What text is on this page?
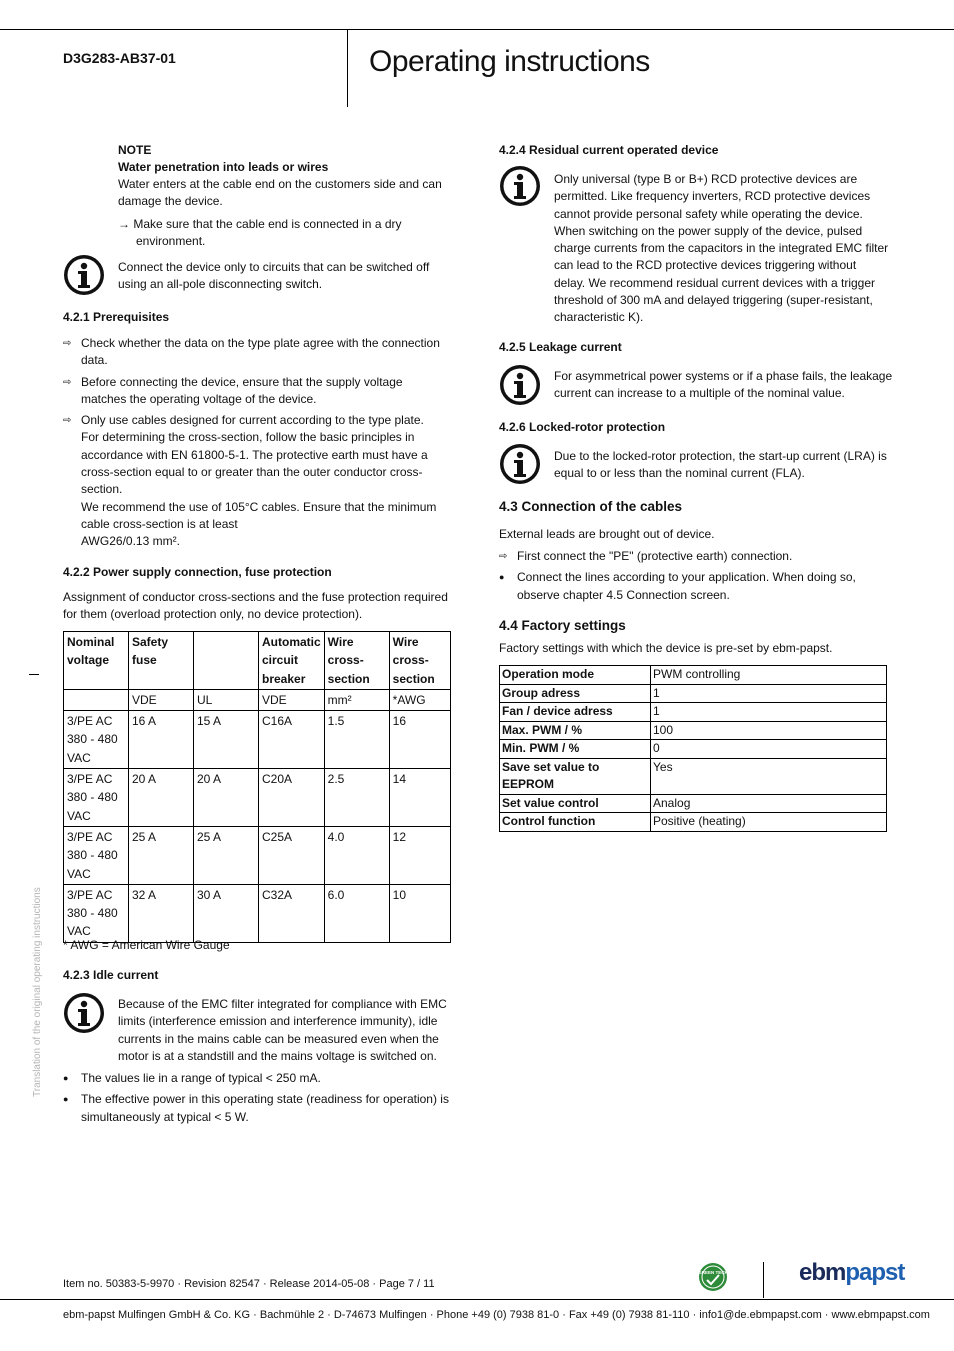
D3G283-AB37-01	Operating instructions

NOTE

Water penetration into leads or wires

Water enters at the cable end on the customers side and can damage the device.

→ Make sure that the cable end is connected in a dry environment.

Connect the device only to circuits that can be switched off using an all-pole disconnecting switch.
4.2.1 Prerequisites
⇨ Check whether the data on the type plate agree with the connection data.
⇨ Before connecting the device, ensure that the supply voltage matches the operating voltage of the device.
⇨ Only use cables designed for current according to the type plate.
For determining the cross-section, follow the basic principles in accordance with EN 61800-5-1. The protective earth must have a cross-section equal to or greater than the outer conductor cross-section.
We recommend the use of 105°C cables. Ensure that the minimum cable cross-section is at least
AWG26/0.13 mm².
4.2.2 Power supply connection, fuse protection
Assignment of conductor cross-sections and the fuse protection required for them (overload protection only, no device protection).
Nominal voltage	Safety fuse		Automatic circuit breaker	Wire cross-section	Wire cross-section
	VDE	UL	VDE	mm²	*AWG
3/PE AC 380 - 480 VAC	16 A	15 A	C16A	1.5	16
3/PE AC 380 - 480 VAC	20 A	20 A	C20A	2.5	14
3/PE AC 380 - 480 VAC	25 A	25 A	C25A	4.0	12
3/PE AC 380 - 480 VAC	32 A	30 A	C32A	6.0	10
* AWG = American Wire Gauge
4.2.3 Idle current
Because of the EMC filter integrated for compliance with EMC limits (interference emission and interference immunity), idle currents in the mains cable can be measured even when the motor is at a standstill and the mains voltage is switched on.
● The values lie in a range of typical < 250 mA.
● The effective power in this operating state (readiness for operation) is simultaneously at typical < 5 W.
4.2.4 Residual current operated device
Only universal (type B or B+) RCD protective devices are permitted. Like frequency inverters, RCD protective devices cannot provide personal safety while operating the device. When switching on the power supply of the device, pulsed charge currents from the capacitors in the integrated EMC filter can lead to the RCD protective devices triggering without delay. We recommend residual current devices with a trigger threshold of 300 mA and delayed triggering (super-resistant, characteristic K).
4.2.5 Leakage current
For asymmetrical power systems or if a phase fails, the leakage current can increase to a multiple of the nominal value.
4.2.6 Locked-rotor protection
Due to the locked-rotor protection, the start-up current (LRA) is equal to or less than the nominal current (FLA).
4.3 Connection of the cables
External leads are brought out of device.
⇨ First connect the "PE" (protective earth) connection.
● Connect the lines according to your application. When doing so, observe chapter 4.5 Connection screen.
4.4 Factory settings
Factory settings with which the device is pre-set by ebm-papst.
Operation mode	PWM controlling
Group adress	1
Fan / device adress	1
Max. PWM / %	100
Min. PWM / %	0
Save set value to EEPROM	Yes
Set value control	Analog
Control function	Positive (heating)
Translation of the original operating instructions
Item no. 50383-5-9970 · Revision 82547 · Release 2014-05-08 · Page 7 / 11
GREEN TECH	ebmpapst
ebm-papst Mulfingen GmbH & Co. KG · Bachmühle 2 · D-74673 Mulfingen · Phone +49 (0) 7938 81-0 · Fax +49 (0) 7938 81-110 · info1@de.ebmpapst.com · www.ebmpapst.com
